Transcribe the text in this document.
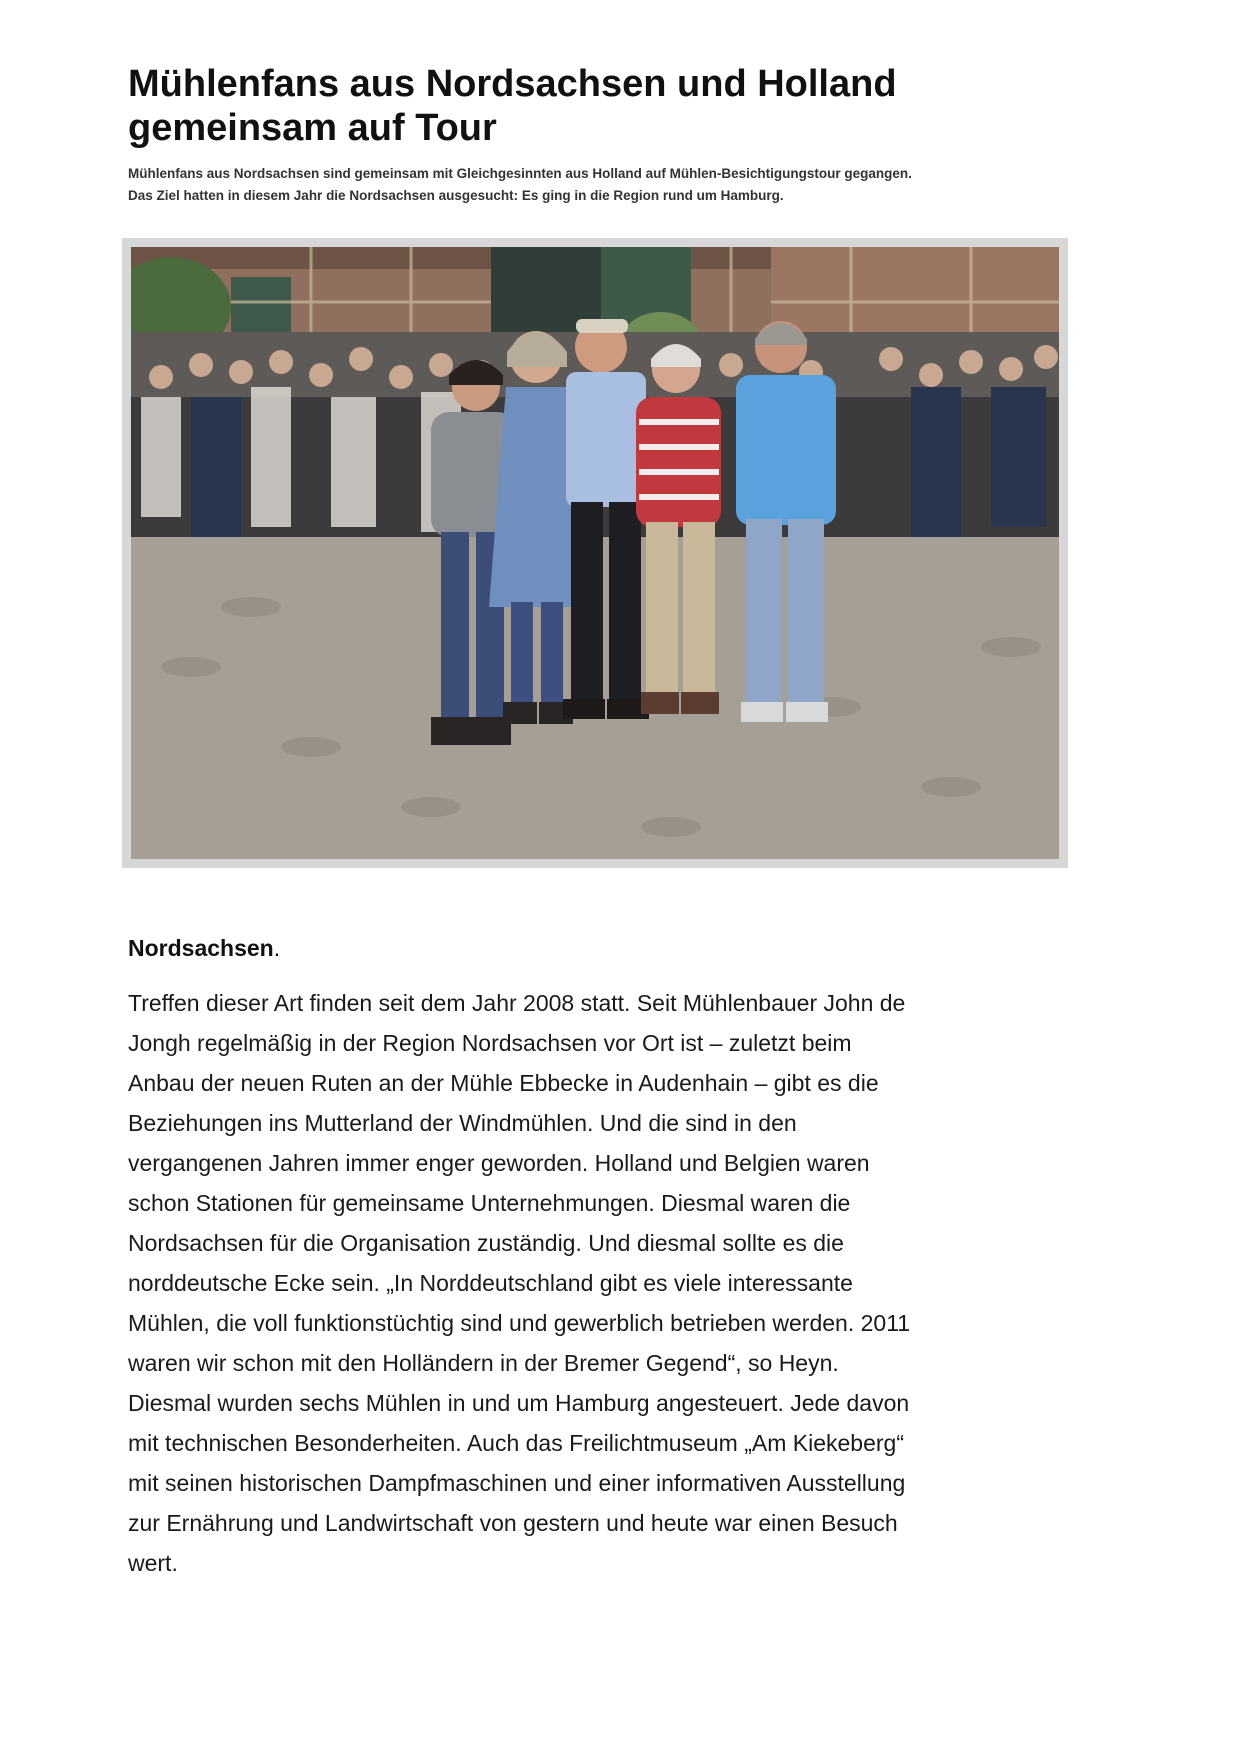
Mühlenfans aus Nordsachsen und Holland
gemeinsam auf Tour

Mühlenfans aus Nordsachsen sind gemeinsam mit Gleichgesinnten aus Holland auf Mühlen-Besichtigungstour gegangen.

Das Ziel hatten in diesem Jahr die Nordsachsen ausgesucht: Es ging in die Region rund um Hamburg.

Nordsachsen.
Treffen dieser Art finden seit dem Jahr 2008 statt. Seit Mühlenbauer John de
Jongh regelmäßig in der Region Nordsachsen vor Ort ist – zuletzt beim
Anbau der neuen Ruten an der Mühle Ebbecke in Audenhain – gibt es die
Beziehungen ins Mutterland der Windmühlen. Und die sind in den
vergangenen Jahren immer enger geworden. Holland und Belgien waren
schon Stationen für gemeinsame Unternehmungen. Diesmal waren die
Nordsachsen für die Organisation zuständig. Und diesmal sollte es die
norddeutsche Ecke sein. „In Norddeutschland gibt es viele interessante
Mühlen, die voll funktionstüchtig sind und gewerblich betrieben werden. 2011
waren wir schon mit den Holländern in der Bremer Gegend“, so Heyn.
Diesmal wurden sechs Mühlen in und um Hamburg angesteuert. Jede davon
mit technischen Besonderheiten. Auch das Freilichtmuseum „Am Kiekeberg“
mit seinen historischen Dampfmaschinen und einer informativen Ausstellung
zur Ernährung und Landwirtschaft von gestern und heute war einen Besuch
wert.
